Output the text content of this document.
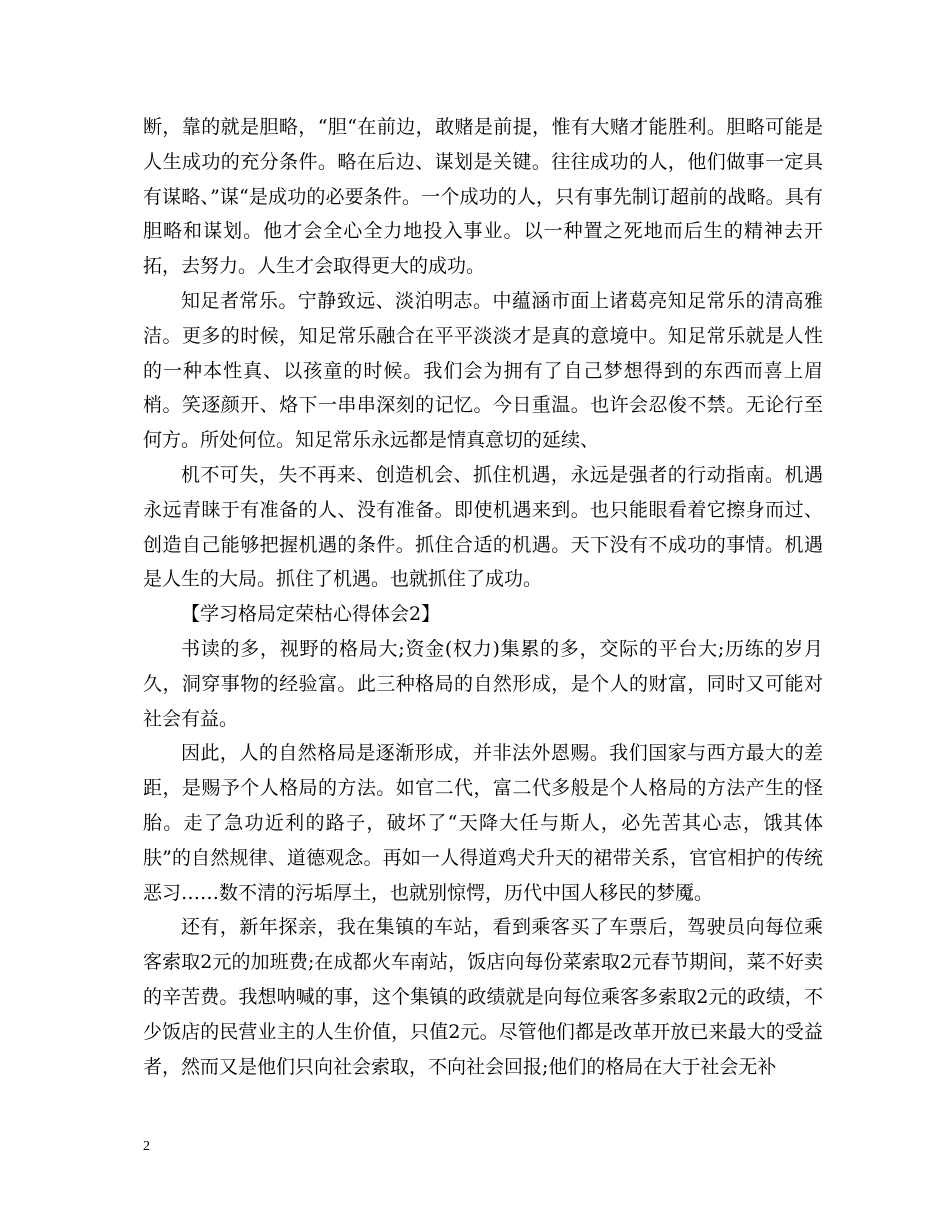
断，靠的就是胆略，“胆“在前边，敢赌是前提，惟有大赌才能胜利。胆略可能是人生成功的充分条件。略在后边、谋划是关键。往往成功的人，他们做事一定具有谋略、”谋“是成功的必要条件。一个成功的人，只有事先制订超前的战略。具有胆略和谋划。他才会全心全力地投入事业。以一种置之死地而后生的精神去开拓，去努力。人生才会取得更大的成功。

知足者常乐。宁静致远、淡泊明志。中蕴涵市面上诸葛亮知足常乐的清高雅洁。更多的时候，知足常乐融合在平平淡淡才是真的意境中。知足常乐就是人性的一种本性真、以孩童的时候。我们会为拥有了自己梦想得到的东西而喜上眉梢。笑逐颜开、烙下一串串深刻的记忆。今日重温。也许会忍俊不禁。无论行至何方。所处何位。知足常乐永远都是情真意切的延续、

机不可失，失不再来、创造机会、抓住机遇，永远是强者的行动指南。机遇永远青睐于有准备的人、没有准备。即使机遇来到。也只能眼看着它擦身而过、创造自己能够把握机遇的条件。抓住合适的机遇。天下没有不成功的事情。机遇是人生的大局。抓住了机遇。也就抓住了成功。

【学习格局定荣枯心得体会2】

书读的多，视野的格局大;资金(权力)集累的多，交际的平台大;历练的岁月久，洞穿事物的经验富。此三种格局的自然形成，是个人的财富，同时又可能对社会有益。

因此，人的自然格局是逐渐形成，并非法外恩赐。我们国家与西方最大的差距，是赐予个人格局的方法。如官二代，富二代多般是个人格局的方法产生的怪胎。走了急功近利的路子，破坏了“天降大任与斯人，必先苦其心志，饿其体肤”的自然规律、道德观念。再如一人得道鸡犬升天的裙带关系，官官相护的传统恶习……数不清的污垢厚土，也就别惊愕，历代中国人移民的梦魇。

还有，新年探亲，我在集镇的车站，看到乘客买了车票后，驾驶员向每位乘客索取2元的加班费;在成都火车南站，饭店向每份菜索取2元春节期间，菜不好卖的辛苦费。我想呐喊的事，这个集镇的政绩就是向每位乘客多索取2元的政绩，不少饭店的民营业主的人生价值，只值2元。尽管他们都是改革开放已来最大的受益者，然而又是他们只向社会索取，不向社会回报;他们的格局在大于社会无补

2
